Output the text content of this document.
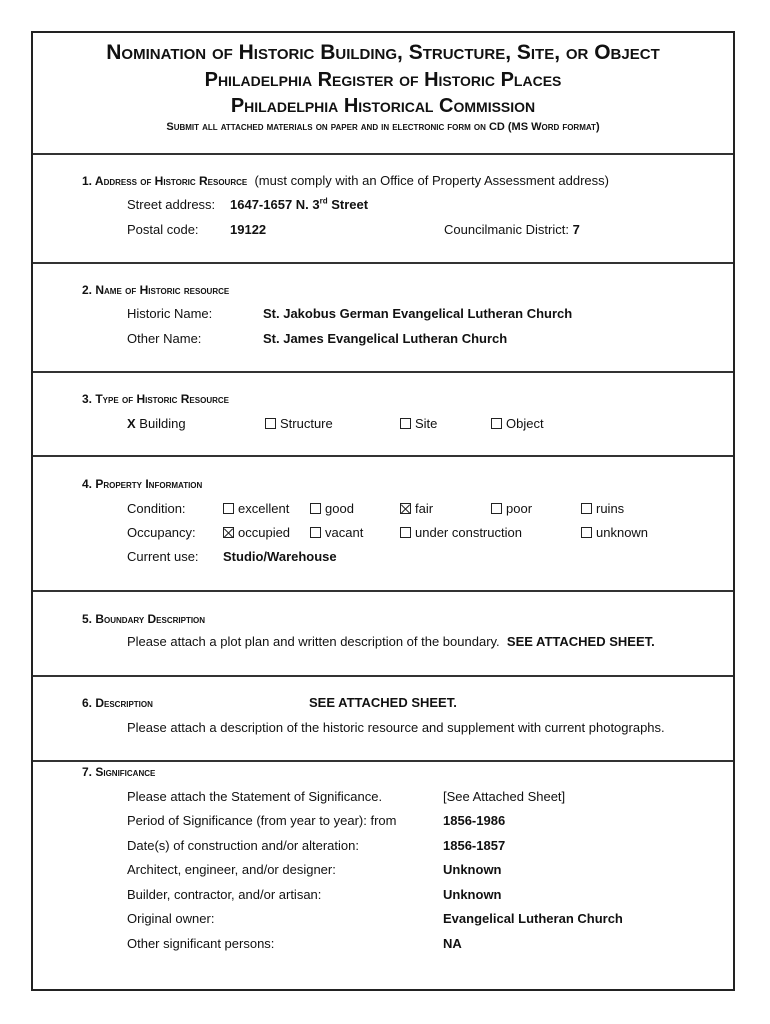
Nomination of Historic Building, Structure, Site, or Object
Philadelphia Register of Historic Places
Philadelphia Historical Commission
Submit all attached materials on paper and in electronic form on CD (MS Word format)
1. Address of Historic Resource (must comply with an Office of Property Assessment address)
Street address: 1647-1657 N. 3rd Street
Postal code: 19122	Councilmanic District: 7
2. Name of Historic resource
Historic Name:	St. Jakobus German Evangelical Lutheran Church
Other Name:	St. James Evangelical Lutheran Church
3. Type of Historic Resource
X Building	Structure	Site	Object
4. Property Information
Condition:	excellent	good	fair	poor	ruins
Occupancy:	occupied	vacant	under construction	unknown
Current use: Studio/Warehouse
5. Boundary Description
Please attach a plot plan and written description of the boundary. SEE ATTACHED SHEET.
6. Description	SEE ATTACHED SHEET.
Please attach a description of the historic resource and supplement with current photographs.
7. Significance
Please attach the Statement of Significance.	[See Attached Sheet]
Period of Significance (from year to year): from	1856-1986
Date(s) of construction and/or alteration:	1856-1857
Architect, engineer, and/or designer:	Unknown
Builder, contractor, and/or artisan:	Unknown
Original owner:	Evangelical Lutheran Church
Other significant persons:	NA
